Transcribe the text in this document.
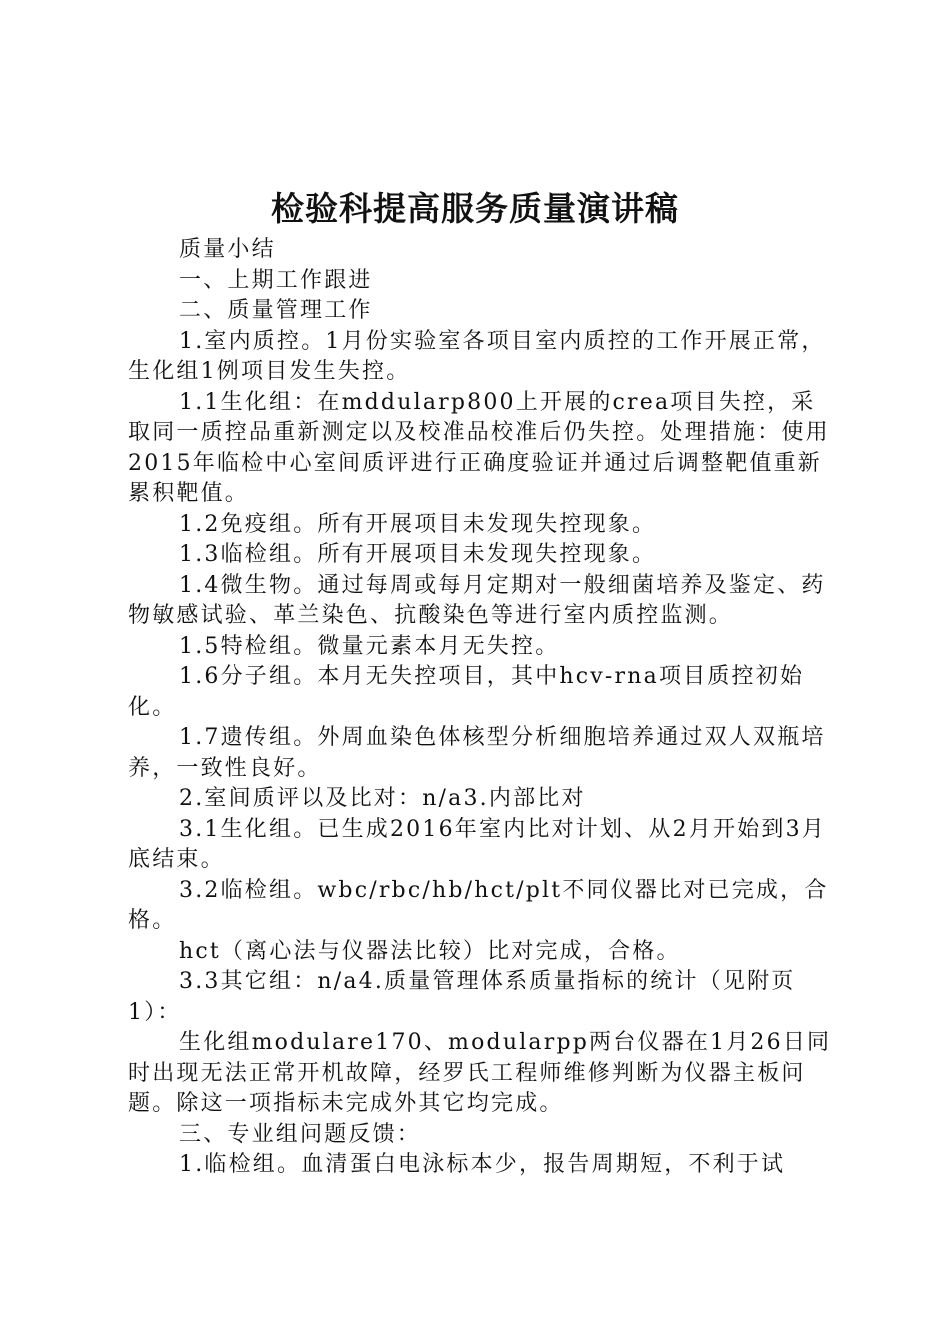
检验科提高服务质量演讲稿

质量小结

一、上期工作跟进

二、质量管理工作

1.室内质控。1月份实验室各项目室内质控的工作开展正常，生化组1例项目发生失控。

1.1生化组：在mddularp800上开展的crea项目失控，采取同一质控品重新测定以及校准品校准后仍失控。处理措施：使用2015年临检中心室间质评进行正确度验证并通过后调整靶值重新累积靶值。

1.2免疫组。所有开展项目未发现失控现象。

1.3临检组。所有开展项目未发现失控现象。

1.4微生物。通过每周或每月定期对一般细菌培养及鉴定、药物敏感试验、革兰染色、抗酸染色等进行室内质控监测。

1.5特检组。微量元素本月无失控。

1.6分子组。本月无失控项目，其中hcv-rna项目质控初始化。

1.7遗传组。外周血染色体核型分析细胞培养通过双人双瓶培养，一致性良好。

2.室间质评以及比对：n/a3.内部比对

3.1生化组。已生成2016年室内比对计划、从2月开始到3月底结束。

3.2临检组。wbc/rbc/hb/hct/plt不同仪器比对已完成，合格。

hct（离心法与仪器法比较）比对完成，合格。

3.3其它组：n/a4.质量管理体系质量指标的统计（见附页1）：

生化组modulare170、modularpp两台仪器在1月26日同时出现无法正常开机故障，经罗氏工程师维修判断为仪器主板问题。除这一项指标未完成外其它均完成。

三、专业组问题反馈：

1.临检组。血清蛋白电泳标本少，报告周期短，不利于试
